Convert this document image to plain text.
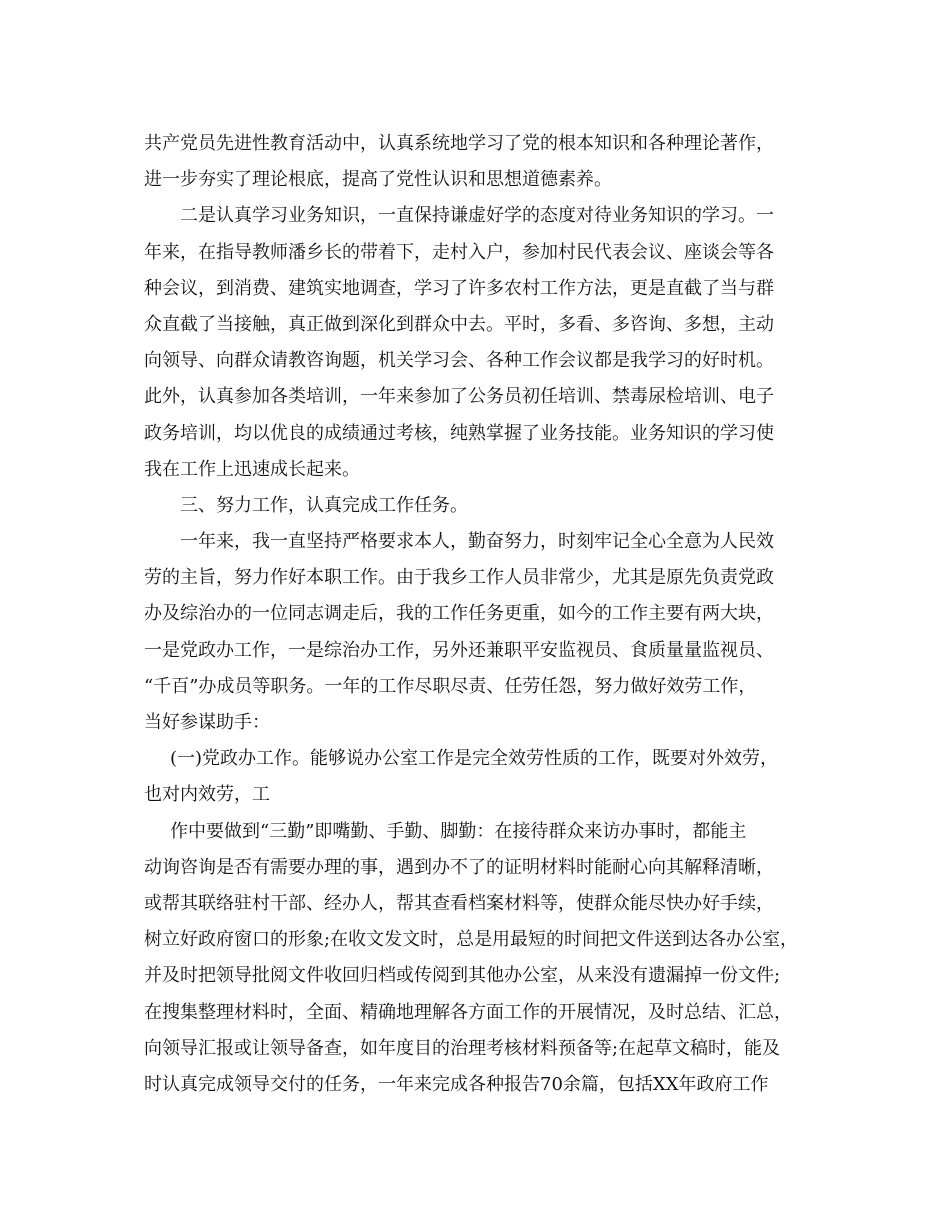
共产党员先进性教育活动中，认真系统地学习了党的根本知识和各种理论著作，
进一步夯实了理论根底，提高了党性认识和思想道德素养。
二是认真学习业务知识，一直保持谦虚好学的态度对待业务知识的学习。一
年来，在指导教师潘乡长的带着下，走村入户，参加村民代表会议、座谈会等各
种会议，到消费、建筑实地调查，学习了许多农村工作方法，更是直截了当与群
众直截了当接触，真正做到深化到群众中去。平时，多看、多咨询、多想，主动
向领导、向群众请教咨询题，机关学习会、各种工作会议都是我学习的好时机。
此外，认真参加各类培训，一年来参加了公务员初任培训、禁毒尿检培训、电子
政务培训，均以优良的成绩通过考核，纯熟掌握了业务技能。业务知识的学习使
我在工作上迅速成长起来。
三、努力工作，认真完成工作任务。
一年来，我一直坚持严格要求本人，勤奋努力，时刻牢记全心全意为人民效
劳的主旨，努力作好本职工作。由于我乡工作人员非常少，尤其是原先负责党政
办及综治办的一位同志调走后，我的工作任务更重，如今的工作主要有两大块，
一是党政办工作，一是综治办工作，另外还兼职平安监视员、食质量量监视员、
“千百”办成员等职务。一年的工作尽职尽责、任劳任怨，努力做好效劳工作，
当好参谋助手：
(一)党政办工作。能够说办公室工作是完全效劳性质的工作，既要对外效劳，
也对内效劳，工
作中要做到“三勤”即嘴勤、手勤、脚勤：在接待群众来访办事时，都能主
动询咨询是否有需要办理的事，遇到办不了的证明材料时能耐心向其解释清晰，
或帮其联络驻村干部、经办人，帮其查看档案材料等，使群众能尽快办好手续，
树立好政府窗口的形象;在收文发文时，总是用最短的时间把文件送到达各办公室，
并及时把领导批阅文件收回归档或传阅到其他办公室，从来没有遗漏掉一份文件;
在搜集整理材料时，全面、精确地理解各方面工作的开展情况，及时总结、汇总，
向领导汇报或让领导备查，如年度目的治理考核材料预备等;在起草文稿时，能及
时认真完成领导交付的任务，一年来完成各种报告70余篇，包括XX年政府工作
